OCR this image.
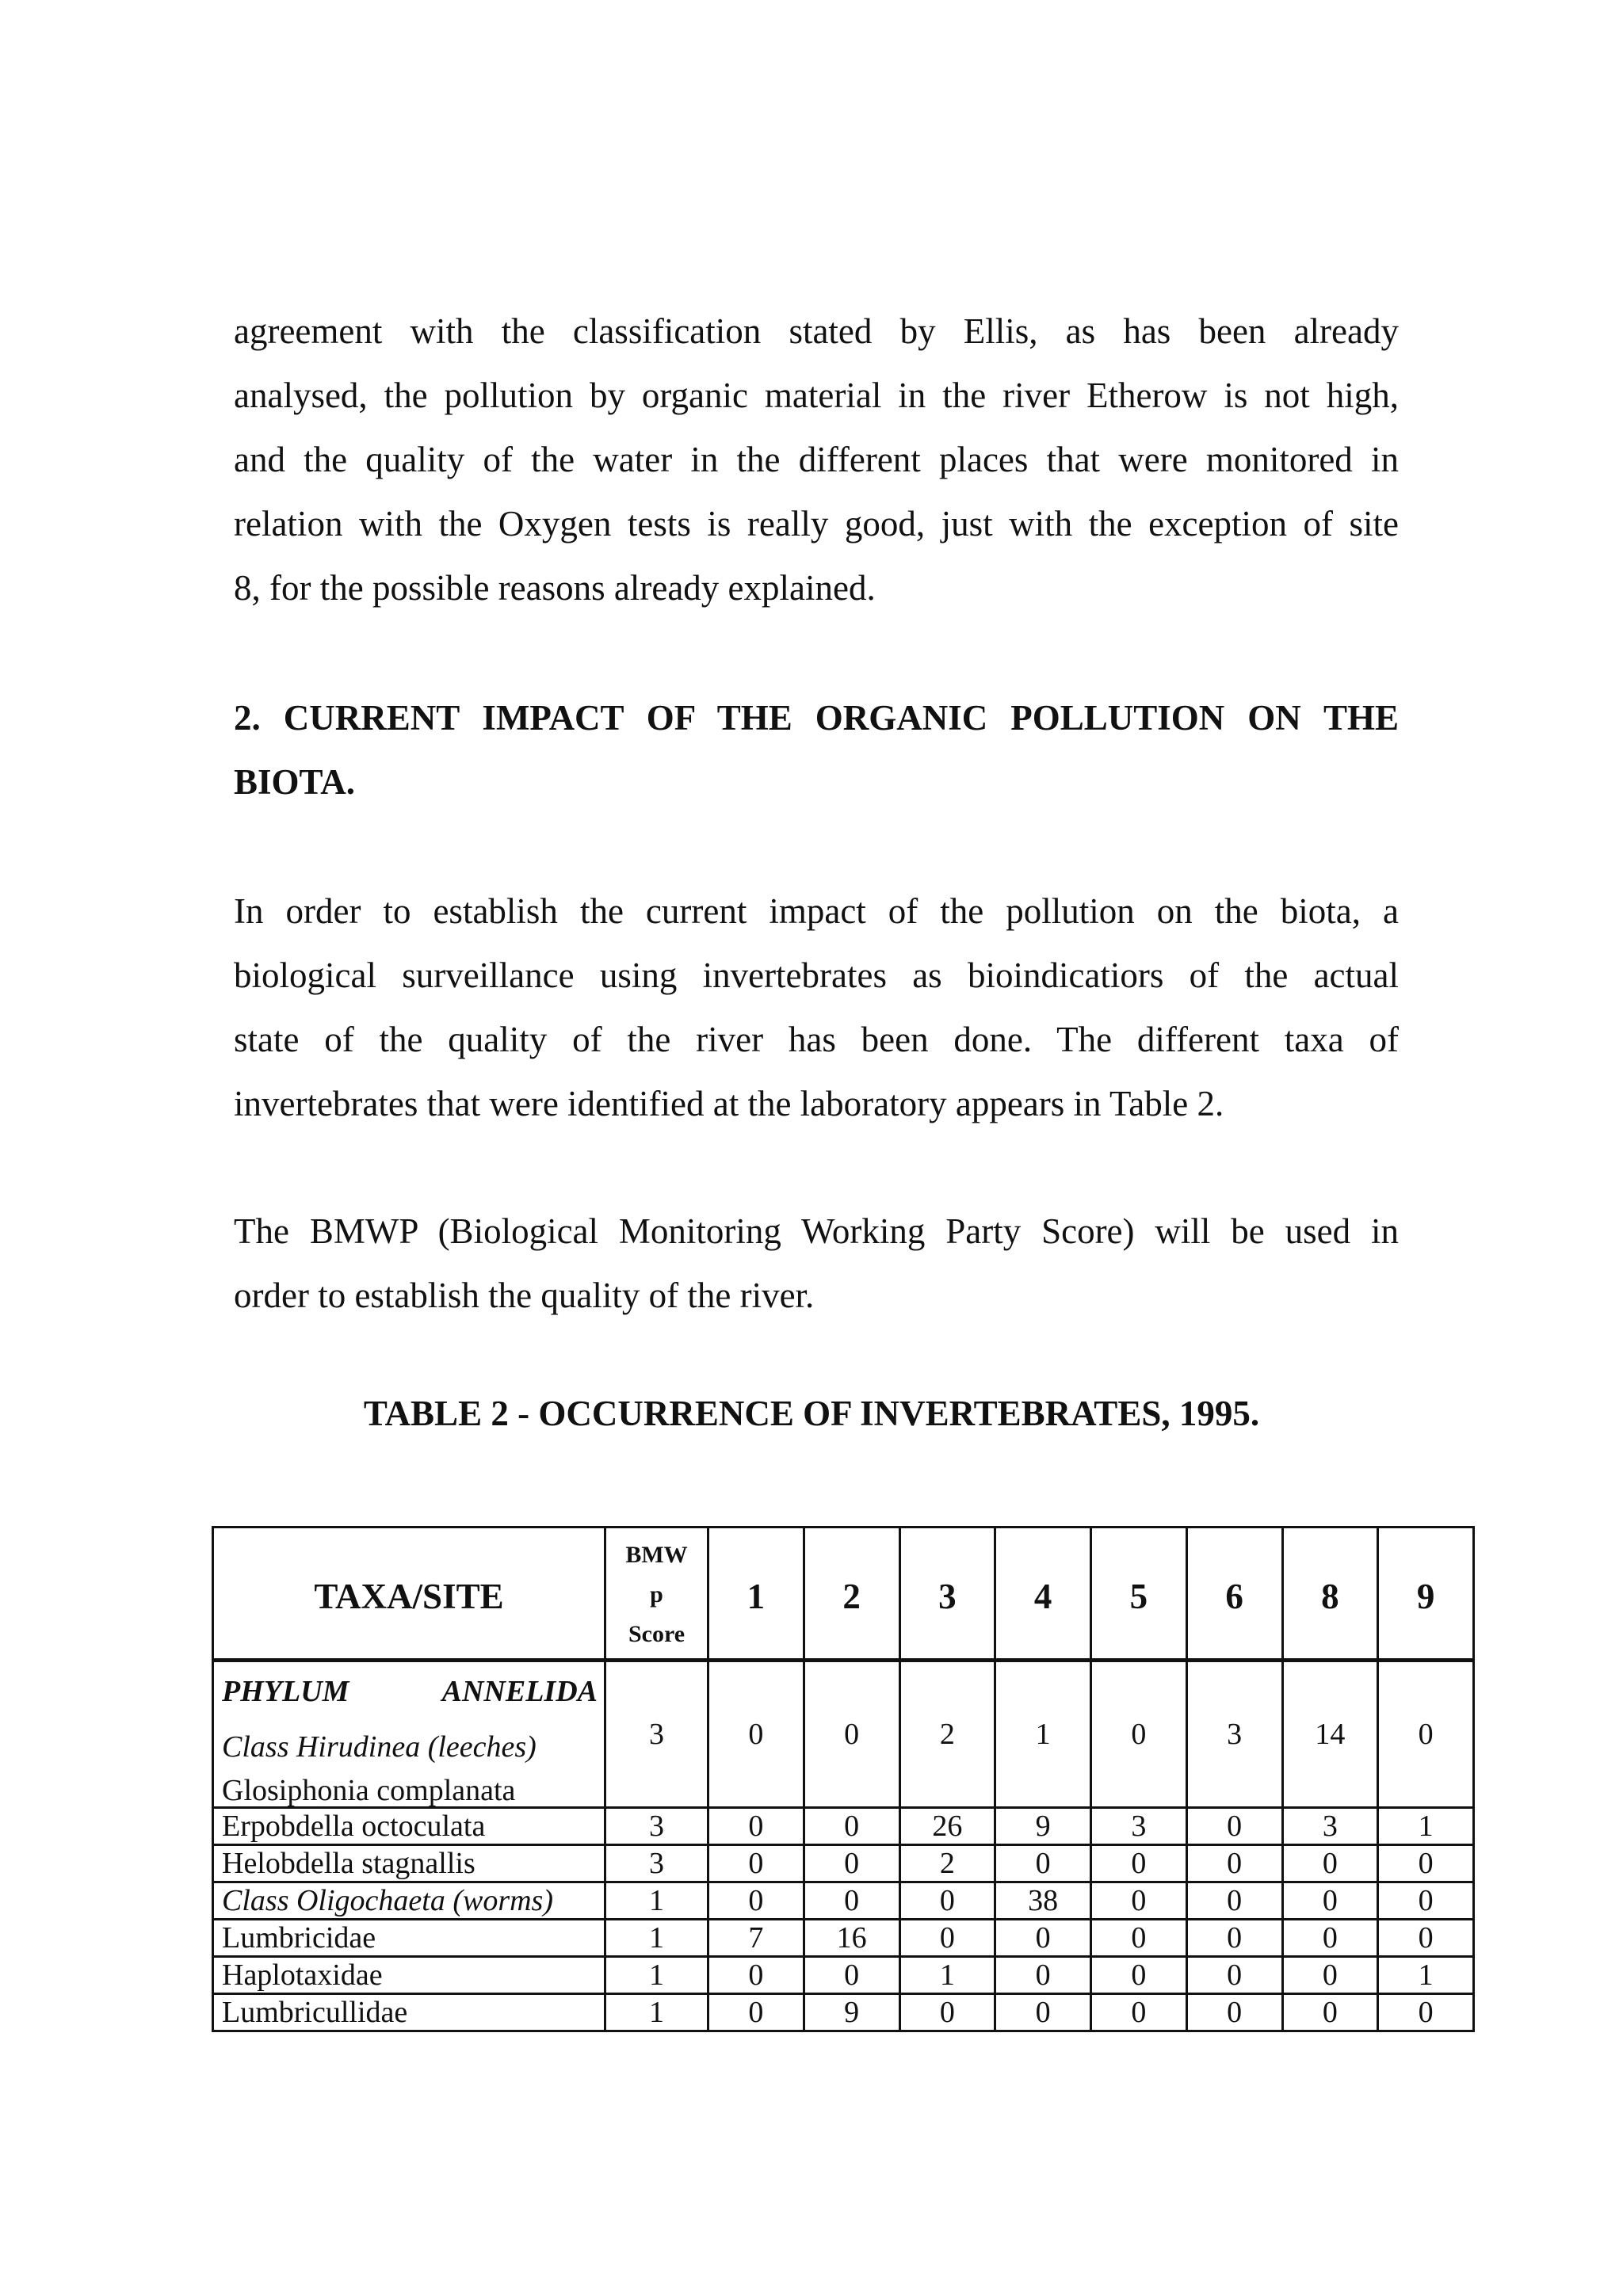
agreement with the classification stated by Ellis, as has been already
analysed, the pollution by organic material in the river Etherow is not high,
and the quality of the water in the different places that were monitored in
relation with the Oxygen tests is really good, just with the exception of site
8, for the possible reasons already explained.
2. CURRENT IMPACT OF THE ORGANIC POLLUTION ON THE
BIOTA.
In order to establish the current impact of the pollution on the biota, a
biological surveillance using invertebrates as bioindicatiors of the actual
state of the quality of the river has been done. The different taxa of
invertebrates that were identified at the laboratory appears in Table 2.
The BMWP (Biological Monitoring Working Party Score) will be used in
order to establish the quality of the river.

TABLE 2 - OCCURRENCE OF INVERTEBRATES, 1995.

TAXA/SITE	BMW
p
Score	1	2	3	4	5	6	8	9

PHYLUM ANNELIDA
Class Hirudinea (leeches)
Glosiphonia complanata	3	0	0	2	1	0	3	14	0
Erpobdella octoculata	3	0	0	26	9	3	0	3	1
Helobdella stagnallis	3	0	0	2	0	0	0	0	0
Class Oligochaeta (worms)	1	0	0	0	38	0	0	0	0
Lumbricidae	1	7	16	0	0	0	0	0	0
Haplotaxidae	1	0	0	1	0	0	0	0	1
Lumbricullidae	1	0	9	0	0	0	0	0	0
